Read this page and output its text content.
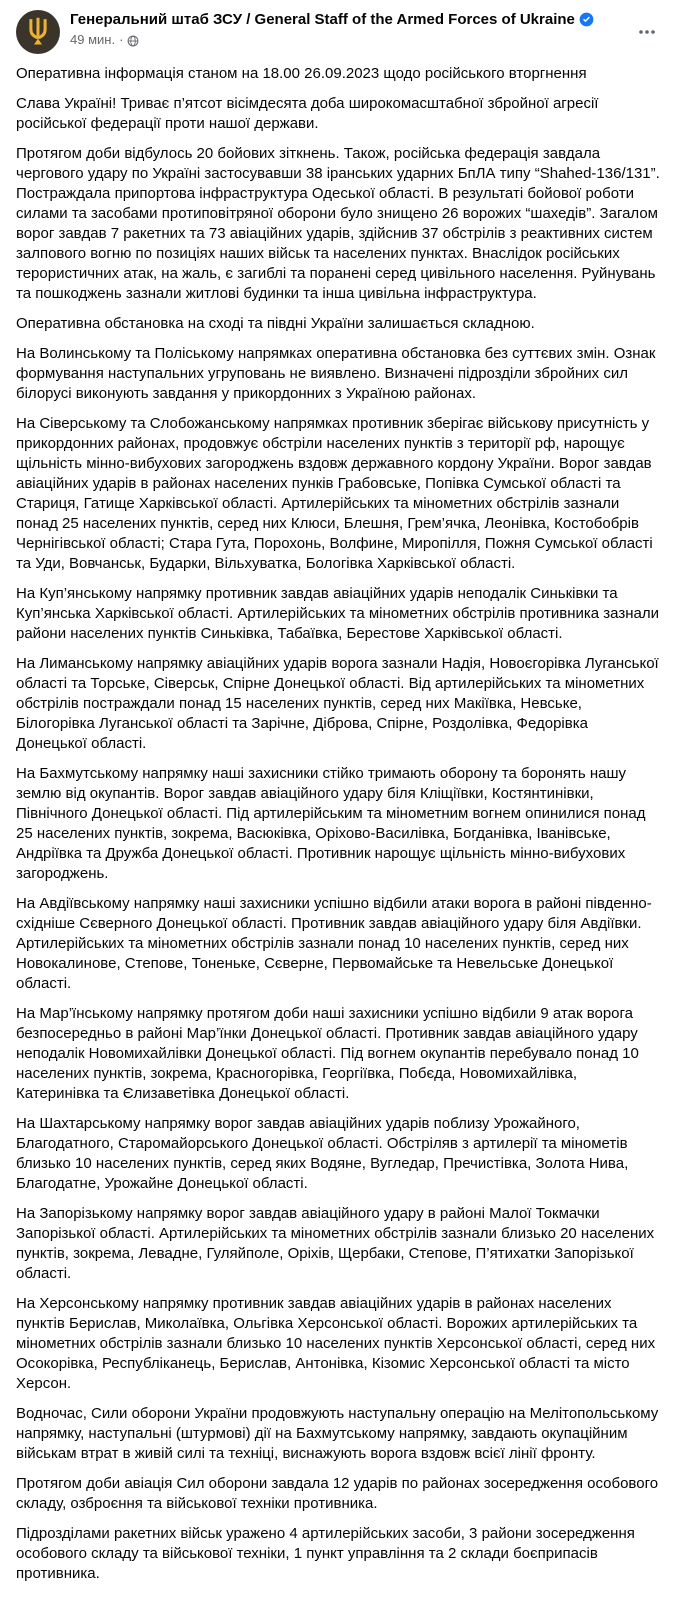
Генеральний штаб ЗСУ / General Staff of the Armed Forces of Ukraine
49 мин. ·

Оперативна інформація станом на 18.00 26.09.2023 щодо російського вторгнення

Слава Україні! Триває п’ятсот вісімдесята доба широкомасштабної збройної агресії російської федерації проти нашої держави.

Протягом доби відбулось 20 бойових зіткнень. Також, російська федерація завдала чергового удару по Україні застосувавши 38 іранських ударних БпЛА типу “Shahed-136/131”. Постраждала припортова інфраструктура Одеської області. В результаті бойової роботи силами та засобами протиповітряної оборони було знищено 26 ворожих “шахедів”. Загалом ворог завдав 7 ракетних та 73 авіаційних ударів, здійснив 37 обстрілів з реактивних систем залпового вогню по позиціях наших військ та населених пунктах. Внаслідок російських терористичних атак, на жаль, є загиблі та поранені серед цивільного населення. Руйнувань та пошкоджень зазнали житлові будинки та інша цивільна інфраструктура.

Оперативна обстановка на сході та півдні України залишається складною.

На Волинському та Поліському напрямках оперативна обстановка без суттєвих змін. Ознак формування наступальних угруповань не виявлено. Визначені підрозділи збройних сил білорусі виконують завдання у прикордонних з Україною районах.

На Сіверському та Слобожанському напрямках противник зберігає військову присутність у прикордонних районах, продовжує обстріли населених пунктів з території рф, нарощує щільність мінно-вибухових загороджень вздовж державного кордону України. Ворог завдав авіаційних ударів в районах населених пунків Грабовське, Попівка Сумської області та Стариця, Гатище Харківської області. Артилерійських та мінометних обстрілів зазнали понад 25 населених пунктів, серед них Клюси, Блешня, Грем’ячка, Леонівка, Костобобрів Чернігівської області; Стара Гута, Порохонь, Волфине, Миропілля, Пожня Сумської області та Уди, Вовчанськ, Бударки, Вільхуватка, Бологівка Харківської області.

На Куп’янському напрямку противник завдав авіаційних ударів неподалік Синьківки та Куп’янська Харківської області. Артилерійських та мінометних обстрілів противника зазнали райони населених пунктів Синьківка, Табаївка, Берестове Харківської області.

На Лиманському напрямку авіаційних ударів ворога зазнали Надія, Новоєгорівка Луганської області та Торське, Сіверськ, Спірне Донецької області. Від артилерійських та мінометних обстрілів постраждали понад 15 населених пунктів, серед них Макіївка, Невське, Білогорівка Луганської області та Зарічне, Діброва, Спірне, Роздолівка, Федорівка Донецької області.

На Бахмутському напрямку наші захисники стійко тримають оборону та боронять нашу землю від окупантів. Ворог завдав авіаційного удару біля Кліщіївки, Костянтинівки, Північного Донецької області. Під артилерійським та мінометним вогнем опинилися понад 25 населених пунктів, зокрема, Васюківка, Оріхово-Василівка, Богданівка, Іванівське, Андріївка та Дружба Донецької області. Противник нарощує щільність мінно-вибухових загороджень.

На Авдіївському напрямку наші захисники успішно відбили атаки ворога в районі південно-східніше Сєверного Донецької області. Противник завдав авіаційного удару біля Авдіївки. Артилерійських та мінометних обстрілів зазнали понад 10 населених пунктів, серед них Новокалинове, Степове, Тоненьке, Сєверне, Первомайське та Невельське Донецької області.

На Мар’їнському напрямку протягом доби наші захисники успішно відбили 9 атак ворога безпосередньо в районі Мар’їнки Донецької області. Противник завдав авіаційного удару неподалік Новомихайлівки Донецької області. Під вогнем окупантів перебувало понад 10 населених пунктів, зокрема, Красногорівка, Георгіївка, Побєда, Новомихайлівка, Катеринівка та Єлизаветівка Донецької області.

На Шахтарському напрямку ворог завдав авіаційних ударів поблизу Урожайного, Благодатного, Старомайорського Донецької області. Обстріляв з артилерії та мінометів близько 10 населених пунктів, серед яких Водяне, Вугледар, Пречистівка, Золота Нива, Благодатне, Урожайне Донецької області.

На Запорізькому напрямку ворог завдав авіаційного удару в районі Малої Токмачки Запорізької області. Артилерійських та мінометних обстрілів зазнали близько 20 населених пунктів, зокрема, Левадне, Гуляйполе, Оріхів, Щербаки, Степове, П’ятихатки Запорізької області.

На Херсонському напрямку противник завдав авіаційних ударів в районах населених пунктів Берислав, Миколаївка, Ольгівка Херсонської області. Ворожих артилерійських та мінометних обстрілів зазнали близько 10 населених пунктів Херсонської області, серед них Осокорівка, Республіканець, Берислав, Антонівка, Кізомис Херсонської області та місто Херсон.

Водночас, Сили оборони України продовжують наступальну операцію на Мелітопольському напрямку, наступальні (штурмові) дії на Бахмутському напрямку, завдають окупаційним військам втрат в живій силі та техніці, виснажують ворога вздовж всієї лінії фронту.

Протягом доби авіація Сил оборони завдала 12 ударів по районах зосередження особового складу, озброєння та військової техніки противника.

Підрозділами ракетних військ уражено 4 артилерійських засоби, 3 райони зосередження особового складу та військової техніки, 1 пункт управління та 2 склади боєприпасів противника.
